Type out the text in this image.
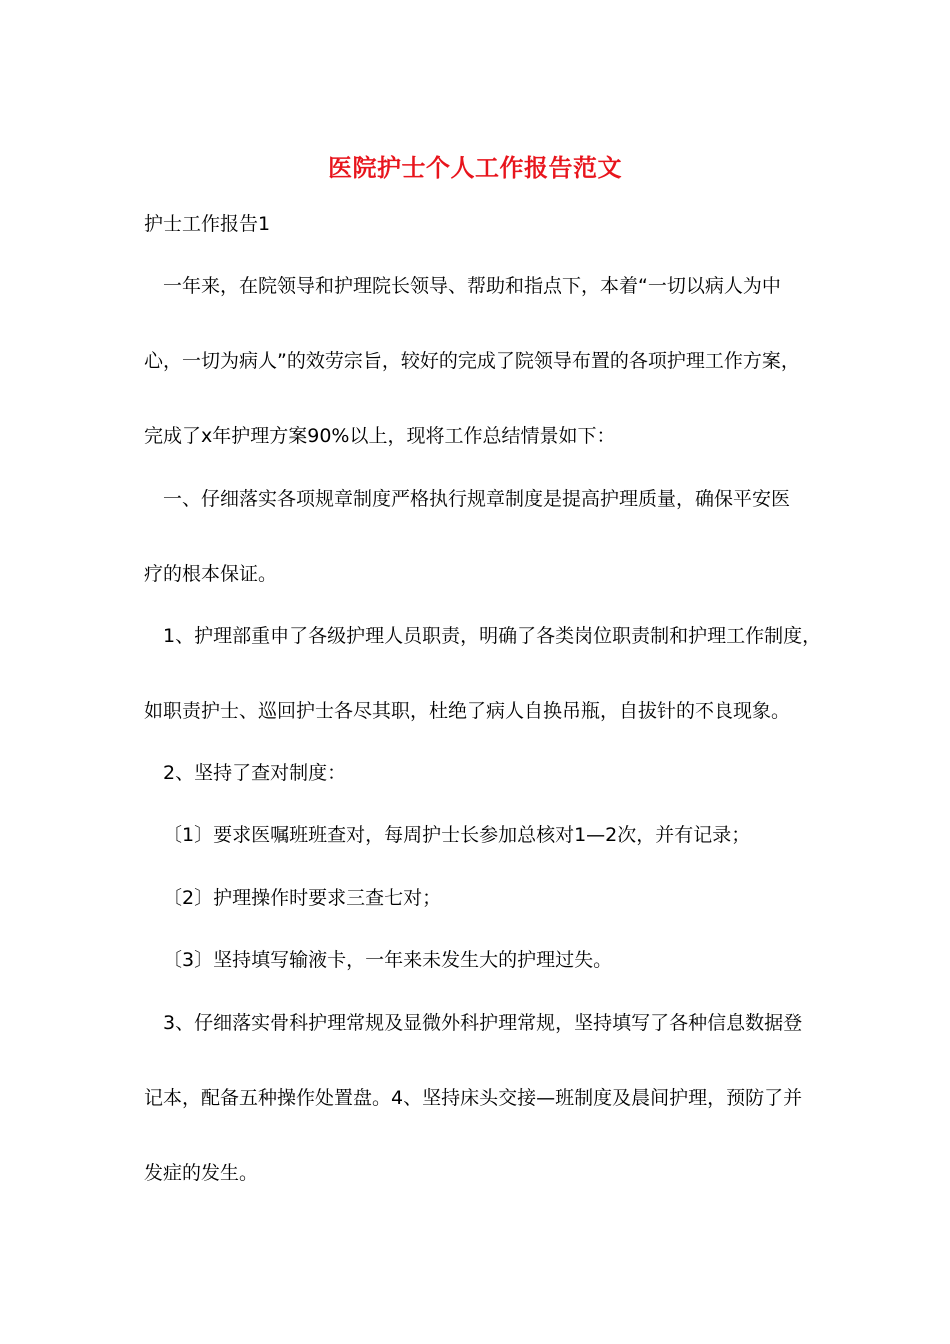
医院护士个人工作报告范文
护士工作报告1
一年来，在院领导和护理院长领导、帮助和指点下，本着“一切以病人为中
心，一切为病人”的效劳宗旨，较好的完成了院领导布置的各项护理工作方案，
完成了x年护理方案90%以上，现将工作总结情景如下：
一、仔细落实各项规章制度严格执行规章制度是提高护理质量，确保平安医
疗的根本保证。
1、护理部重申了各级护理人员职责，明确了各类岗位职责制和护理工作制度，
如职责护士、巡回护士各尽其职，杜绝了病人自换吊瓶，自拔针的不良现象。
2、坚持了查对制度：
〔1〕要求医嘱班班查对，每周护士长参加总核对1—2次，并有记录；
〔2〕护理操作时要求三查七对；
〔3〕坚持填写输液卡，一年来未发生大的护理过失。
3、仔细落实骨科护理常规及显微外科护理常规，坚持填写了各种信息数据登
记本，配备五种操作处置盘。4、坚持床头交接—班制度及晨间护理，预防了并
发症的发生。
